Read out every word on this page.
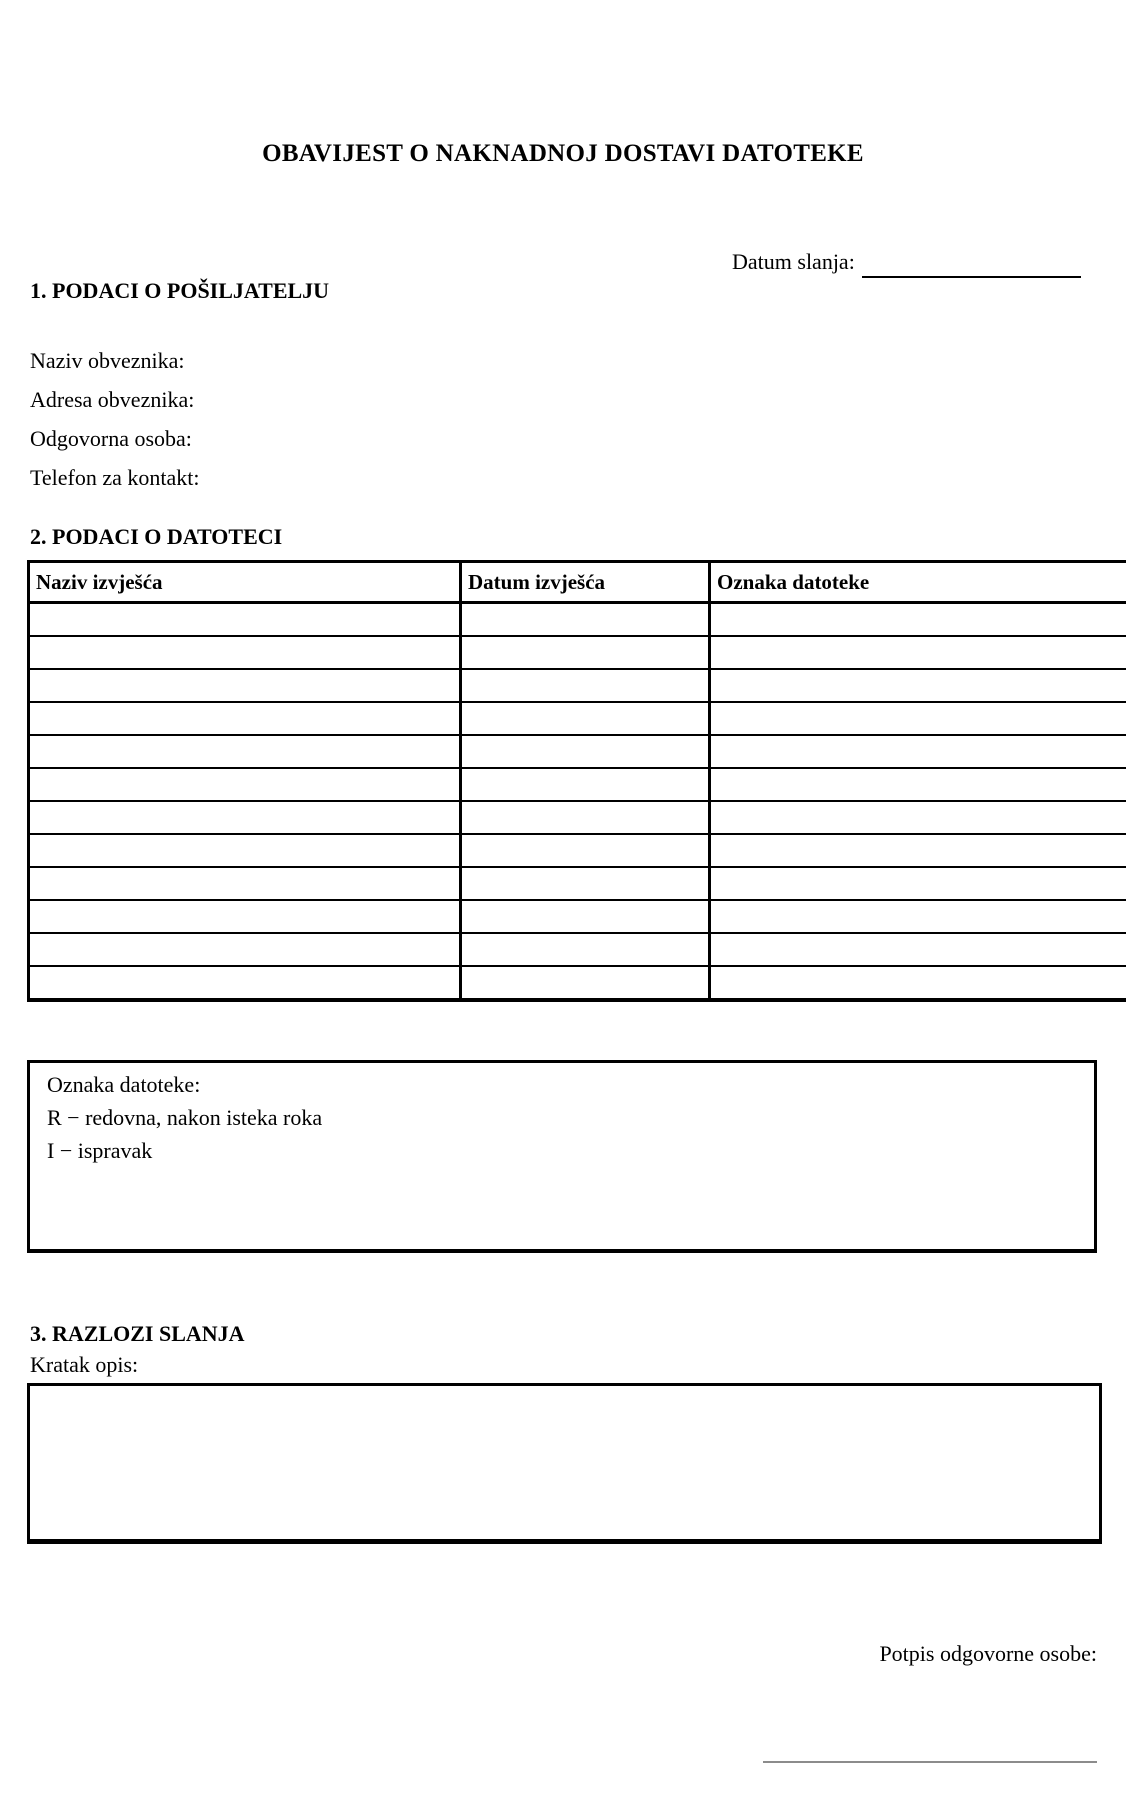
OBAVIJEST O NAKNADNOJ DOSTAVI DATOTEKE
Datum slanja:
1. PODACI O POŠILJATELJU
Naziv obveznika:
Adresa obveznika:
Odgovorna osoba:
Telefon za kontakt:
2. PODACI O DATOTECI
Naziv izvješća	Datum izvješća	Oznaka datoteke

Oznaka datoteke:
R − redovna, nakon isteka roka
I − ispravak
3. RAZLOZI SLANJA
Kratak opis:
Potpis odgovorne osobe:
